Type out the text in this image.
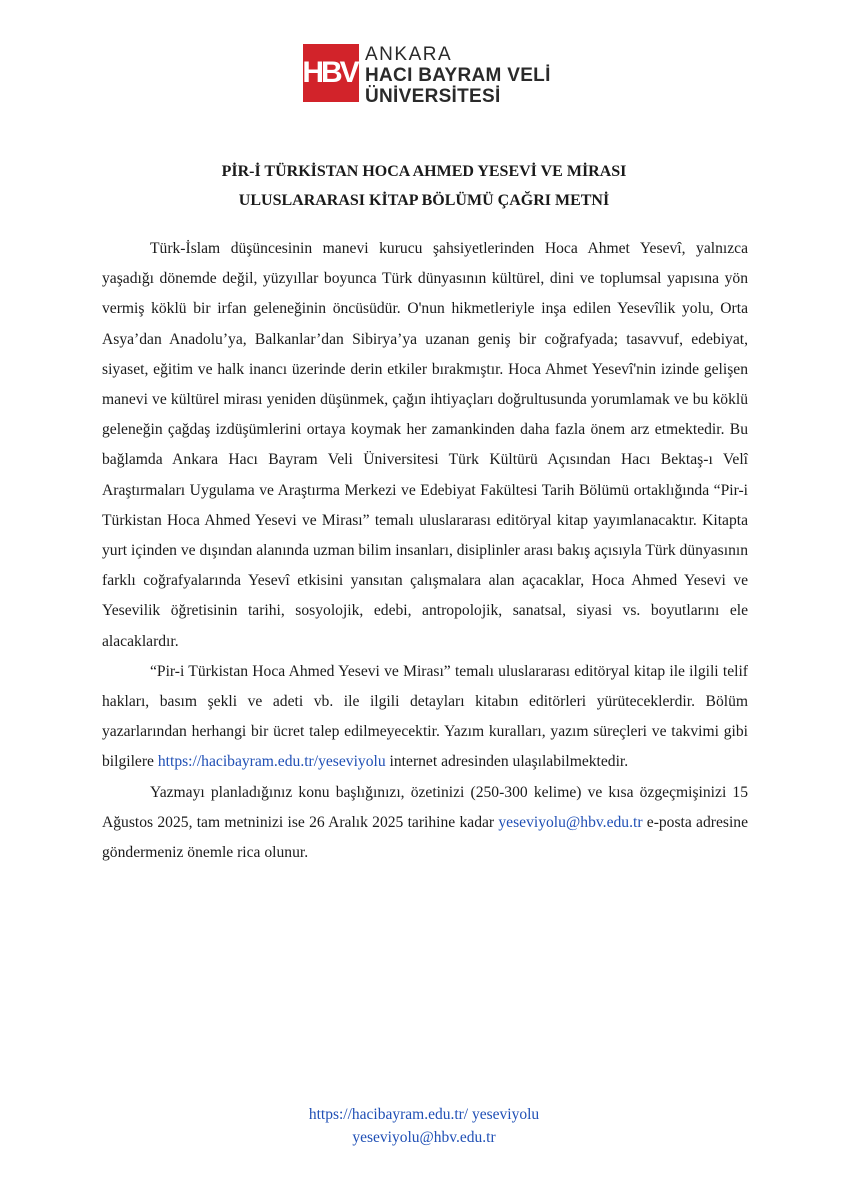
HBV
ANKARA
HACI BAYRAM VELİ
ÜNİVERSİTESİ
PİR-İ TÜRKİSTAN HOCA AHMED YESEVİ VE MİRASI
ULUSLARARASI KİTAP BÖLÜMÜ ÇAĞRI METNİ

Türk-İslam düşüncesinin manevi kurucu şahsiyetlerinden Hoca Ahmet Yesevî, yalnızca yaşadığı dönemde değil, yüzyıllar boyunca Türk dünyasının kültürel, dini ve toplumsal yapısına yön vermiş köklü bir irfan geleneğinin öncüsüdür. O'nun hikmetleriyle inşa edilen Yesevîlik yolu, Orta Asya’dan Anadolu’ya, Balkanlar’dan Sibirya’ya uzanan geniş bir coğrafyada; tasavvuf, edebiyat, siyaset, eğitim ve halk inancı üzerinde derin etkiler bırakmıştır. Hoca Ahmet Yesevî'nin izinde gelişen manevi ve kültürel mirası yeniden düşünmek, çağın ihtiyaçları doğrultusunda yorumlamak ve bu köklü geleneğin çağdaş izdüşümlerini ortaya koymak her zamankinden daha fazla önem arz etmektedir. Bu bağlamda Ankara Hacı Bayram Veli Üniversitesi Türk Kültürü Açısından Hacı Bektaş-ı Velî Araştırmaları Uygulama ve Araştırma Merkezi ve Edebiyat Fakültesi Tarih Bölümü ortaklığında “Pir-i Türkistan Hoca Ahmed Yesevi ve Mirası” temalı uluslararası editöryal kitap yayımlanacaktır. Kitapta yurt içinden ve dışından alanında uzman bilim insanları, disiplinler arası bakış açısıyla Türk dünyasının farklı coğrafyalarında Yesevî etkisini yansıtan çalışmalara alan açacaklar, Hoca Ahmed Yesevi ve Yesevilik öğretisinin tarihi, sosyolojik, edebi, antropolojik, sanatsal, siyasi vs. boyutlarını ele alacaklardır.

“Pir-i Türkistan Hoca Ahmed Yesevi ve Mirası” temalı uluslararası editöryal kitap ile ilgili telif hakları, basım şekli ve adeti vb. ile ilgili detayları kitabın editörleri yürüteceklerdir. Bölüm yazarlarından herhangi bir ücret talep edilmeyecektir. Yazım kuralları, yazım süreçleri ve takvimi gibi bilgilere https://hacibayram.edu.tr/yeseviyolu internet adresinden ulaşılabilmektedir.

Yazmayı planladığınız konu başlığınızı, özetinizi (250-300 kelime) ve kısa özgeçmişinizi 15 Ağustos 2025, tam metninizi ise 26 Aralık 2025 tarihine kadar yeseviyolu@hbv.edu.tr e-posta adresine göndermeniz önemle rica olunur.

https://hacibayram.edu.tr/ yeseviyolu
yeseviyolu@hbv.edu.tr
